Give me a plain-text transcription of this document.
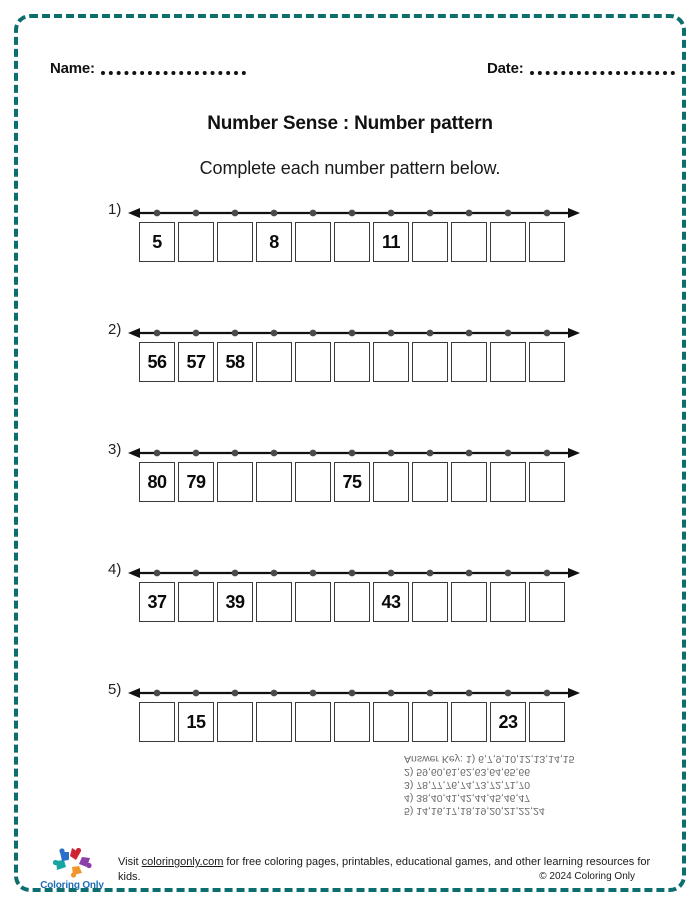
Name:	Date:
Number Sense : Number pattern
Complete each number pattern below.
1)
5	8	11
2)
56	57	58
3)
80	79	75
4)
37	39	43
5)
15	23
5) 14,16,17,18,19,20,21,22,24
4) 38,40,41,42,44,45,46,47
3) 78,77,76,74,73,72,71,70
2) 59,60,61,62,63,64,65,66
Answer Key: 1) 6,7,9,10,12,13,14,15
Coloring Only
Visit coloringonly.com for free coloring pages, printables, educational games, and other learning resources for kids.	© 2024 Coloring Only
